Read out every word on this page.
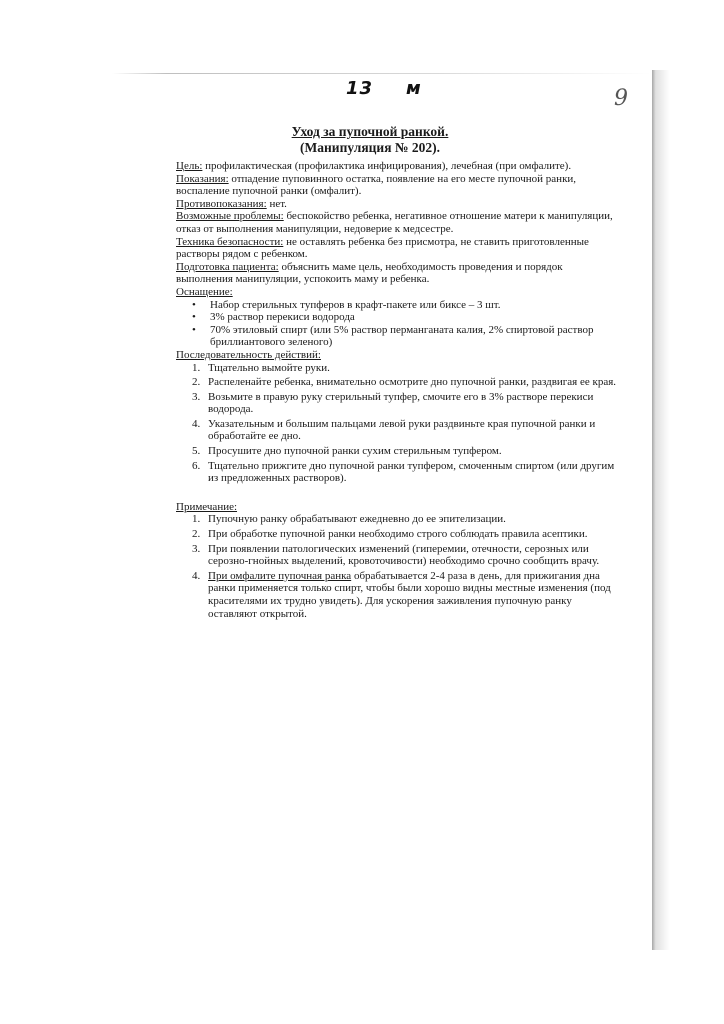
13 м	9
Уход за пупочной ранкой.
(Манипуляция № 202).

Цель: профилактическая (профилактика инфицирования), лечебная (при омфалите).

Показания: отпадение пуповинного остатка, появление на его месте пупочной ранки, воспаление пупочной ранки (омфалит).

Противопоказания: нет.

Возможные проблемы: беспокойство ребенка, негативное отношение матери к манипуляции, отказ от выполнения манипуляции, недоверие к медсестре.

Техника безопасности: не оставлять ребенка без присмотра, не ставить приготовленные растворы рядом с ребенком.

Подготовка пациента: объяснить маме цель, необходимость проведения и порядок выполнения манипуляции, успокоить маму и ребенка.

Оснащение:

• Набор стерильных тупферов в крафт-пакете или биксе – 3 шт.
• 3% раствор перекиси водорода
• 70% этиловый спирт (или 5% раствор перманганата калия, 2% спиртовой раствор бриллиантового зеленого)

Последовательность действий:

1. Тщательно вымойте руки.
2. Распеленайте ребенка, внимательно осмотрите дно пупочной ранки, раздвигая ее края.
3. Возьмите в правую руку стерильный тупфер, смочите его в 3% растворе перекиси водорода.
4. Указательным и большим пальцами левой руки раздвиньте края пупочной ранки и обработайте ее дно.
5. Просушите дно пупочной ранки сухим стерильным тупфером.
6. Тщательно прижгите дно пупочной ранки тупфером, смоченным спиртом (или другим из предложенных растворов).

Примечание:

1. Пупочную ранку обрабатывают ежедневно до ее эпителизации.
2. При обработке пупочной ранки необходимо строго соблюдать правила асептики.
3. При появлении патологических изменений (гиперемии, отечности, серозных или серозно-гнойных выделений, кровоточивости) необходимо срочно сообщить врачу.
4. При омфалите пупочная ранка обрабатывается 2-4 раза в день, для прижигания дна ранки применяется только спирт, чтобы были хорошо видны местные изменения (под красителями их трудно увидеть). Для ускорения заживления пупочную ранку оставляют открытой.
